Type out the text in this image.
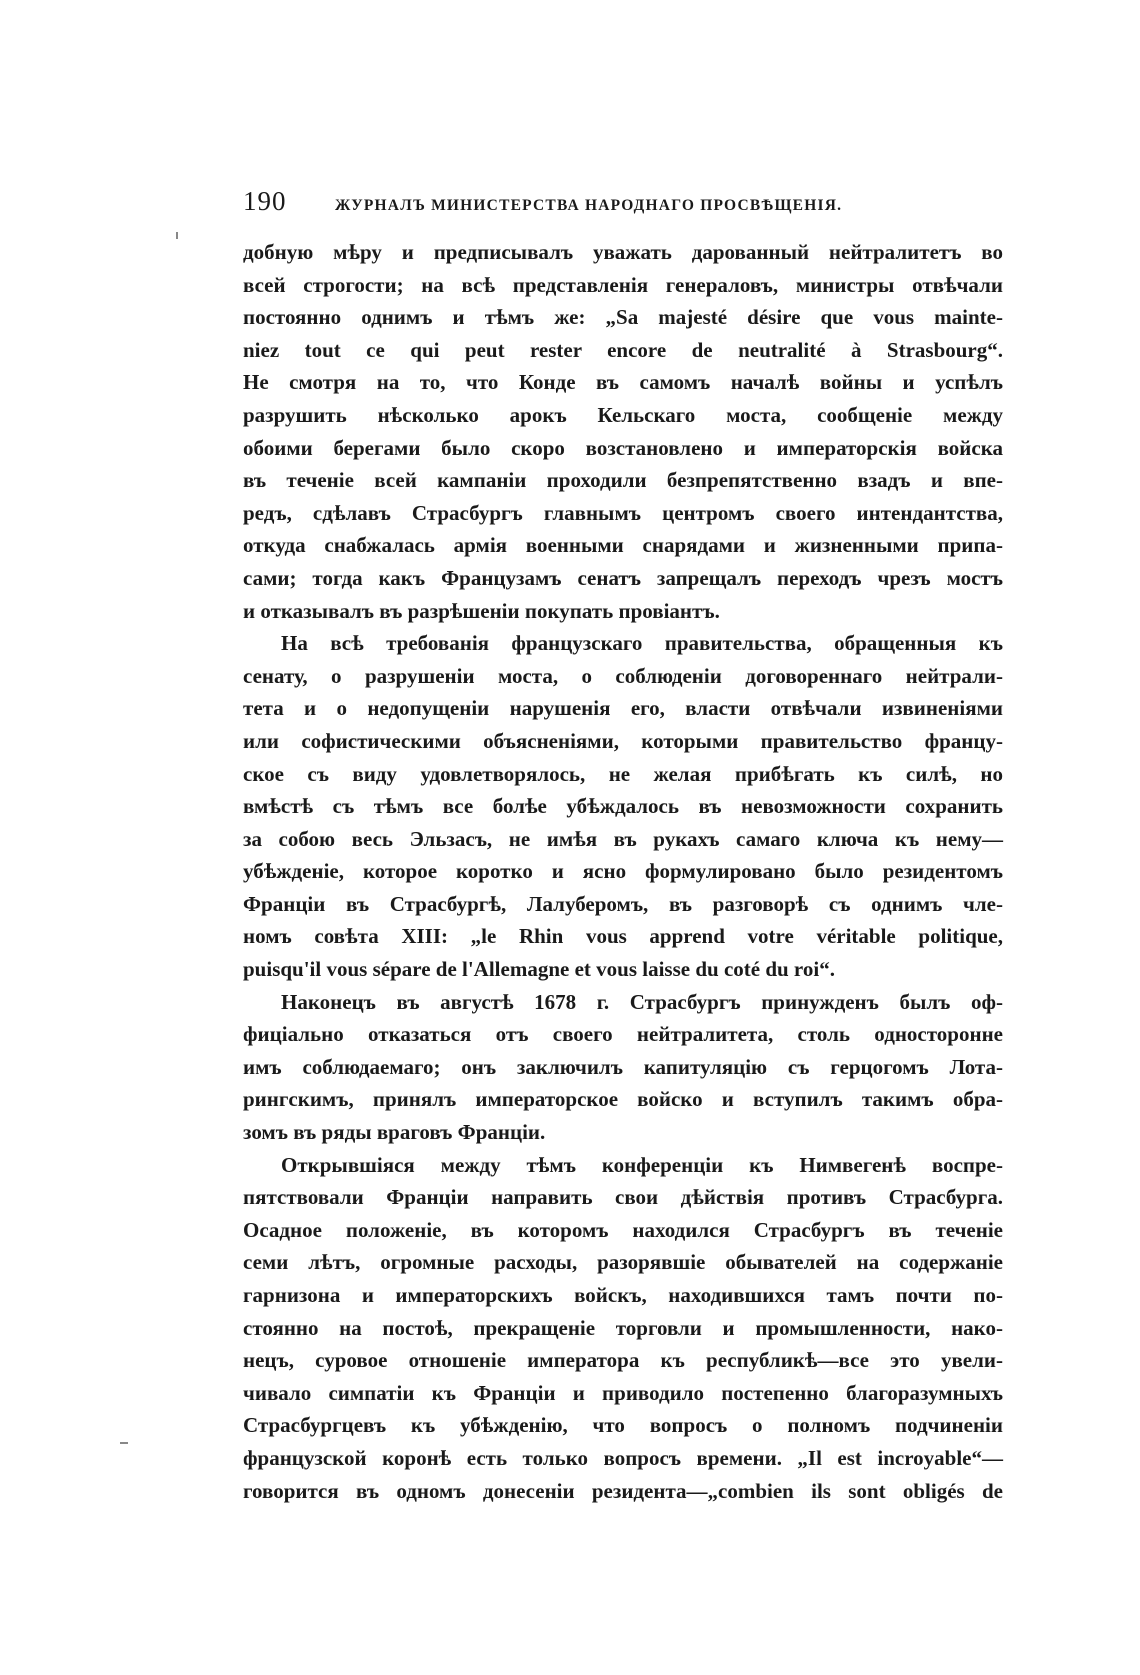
190	ЖУРНАЛЪ МИНИСТЕРСТВА НАРОДНАГО ПРОСВѢЩЕНІЯ.
добную мѣру и предписывалъ уважать дарованный нейтралитетъ во
всей строгости; на всѣ представленія генераловъ, министры отвѣчали
постоянно однимъ и тѣмъ же: „Sa majesté désire que vous mainte-
niez tout ce qui peut rester encore de neutralité à Strasbourg“.
Не смотря на то, что Конде въ самомъ началѣ войны и успѣлъ
разрушить нѣсколько арокъ Кельскаго моста, сообщеніе между
обоими берегами было скоро возстановлено и императорскія войска
въ теченіе всей кампаніи проходили безпрепятственно взадъ и впе-
редъ, сдѣлавъ Страсбургъ главнымъ центромъ своего интендантства,
откуда снабжалась армія военными снарядами и жизненными припа-
сами; тогда какъ Французамъ сенатъ запрещалъ переходъ чрезъ мостъ
и отказывалъ въ разрѣшеніи покупать провіантъ.
На всѣ требованія французскаго правительства, обращенныя къ
сенату, о разрушеніи моста, о соблюденіи договореннаго нейтрали-
тета и о недопущеніи нарушенія его, власти отвѣчали извиненіями
или софистическими объясненіями, которыми правительство францу-
ское съ виду удовлетворялось, не желая прибѣгать къ силѣ, но
вмѣстѣ съ тѣмъ все болѣе убѣждалось въ невозможности сохранить
за собою весь Эльзасъ, не имѣя въ рукахъ самаго ключа къ нему—
убѣжденіе, которое коротко и ясно формулировано было резидентомъ
Франціи въ Страсбургѣ, Лалуберомъ, въ разговорѣ съ однимъ чле-
номъ совѣта XIII: „le Rhin vous apprend votre véritable politique,
puisqu'il vous sépare de l'Allemagne et vous laisse du coté du roi“.
Наконецъ въ августѣ 1678 г. Страсбургъ принужденъ былъ оф-
фиціально отказаться отъ своего нейтралитета, столь односторонне
имъ соблюдаемаго; онъ заключилъ капитуляцію съ герцогомъ Лота-
рингскимъ, принялъ императорское войско и вступилъ такимъ обра-
зомъ въ ряды враговъ Франціи.
Открывшіяся между тѣмъ конференціи къ Нимвегенѣ воспре-
пятствовали Франціи направить свои дѣйствія противъ Страсбурга.
Осадное положеніе, въ которомъ находился Страсбургъ въ теченіе
семи лѣтъ, огромные расходы, разорявшіе обывателей на содержаніе
гарнизона и императорскихъ войскъ, находившихся тамъ почти по-
стоянно на постоѣ, прекращеніе торговли и промышленности, нако-
нецъ, суровое отношеніе императора къ республикѣ—все это увели-
чивало симпатіи къ Франціи и приводило постепенно благоразумныхъ
Страсбургцевъ къ убѣжденію, что вопросъ о полномъ подчиненіи
французской коронѣ есть только вопросъ времени. „Il est incroyable“—
говорится въ одномъ донесеніи резидента—„combien ils sont obligés de
